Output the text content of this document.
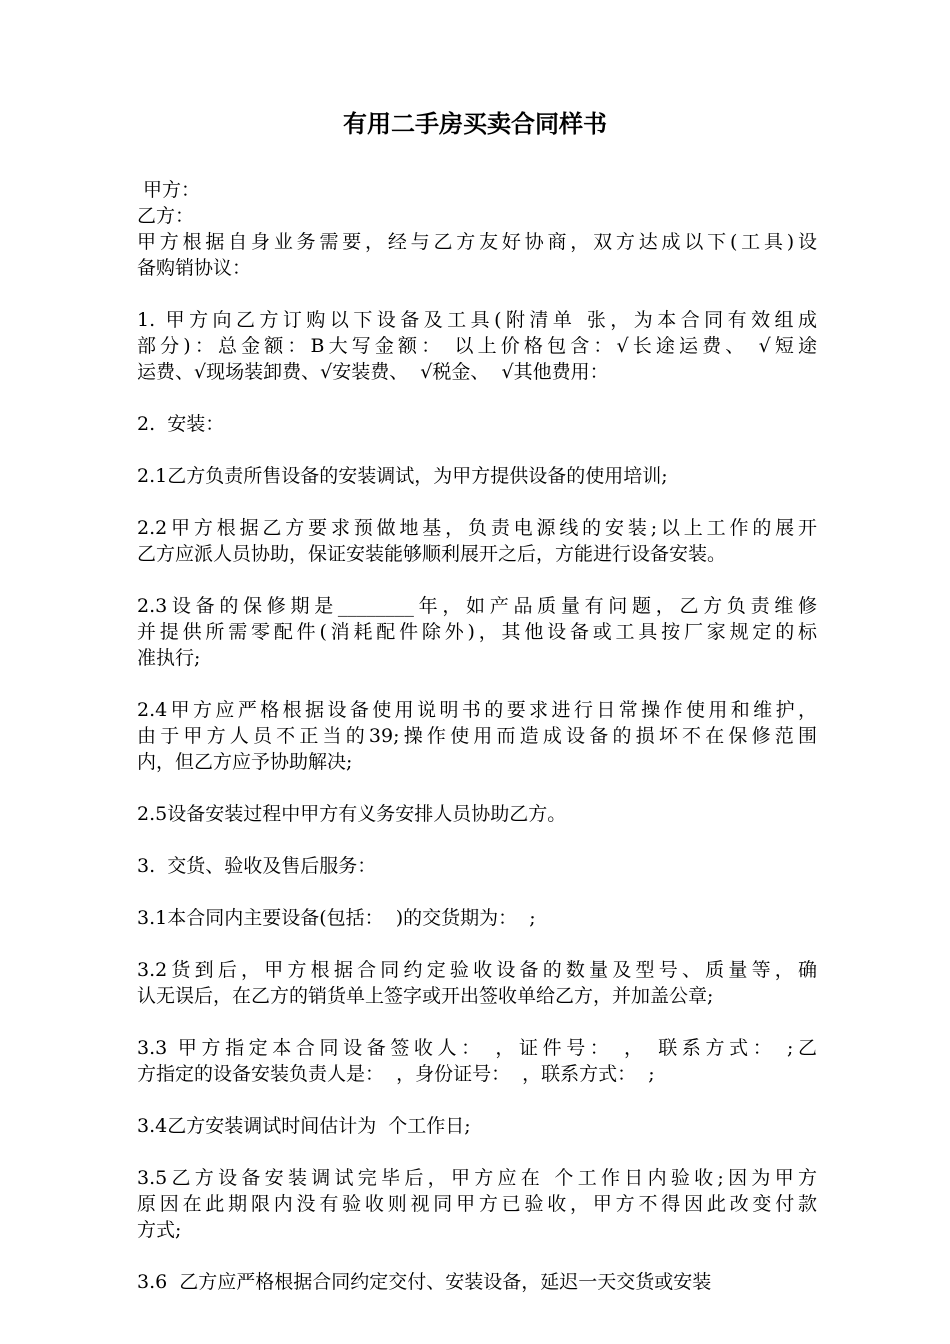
有用二手房买卖合同样书
甲方：
乙方：
甲方根据自身业务需要，经与乙方友好协商，双方达成以下(工具)设
备购销协议：
1. 甲方向乙方订购以下设备及工具(附清单 张，为本合同有效组成
部分)：总金额：B大写金额： 以上价格包含：√长途运费、 √短途
运费、√现场装卸费、√安装费、  √税金、  √其他费用：
2.  安装：
2.1乙方负责所售设备的安装调试，为甲方提供设备的使用培训;
2.2甲方根据乙方要求预做地基，负责电源线的安装;以上工作的展开
乙方应派人员协助，保证安装能够顺利展开之后，方能进行设备安装。
2.3设备的保修期是________年，如产品质量有问题，乙方负责维修
并提供所需零配件(消耗配件除外)，其他设备或工具按厂家规定的标
准执行;
2.4甲方应严格根据设备使用说明书的要求进行日常操作使用和维护，
由于甲方人员不正当的39;操作使用而造成设备的损坏不在保修范围
内，但乙方应予协助解决;
2.5设备安装过程中甲方有义务安排人员协助乙方。
3.  交货、验收及售后服务：
3.1本合同内主要设备(包括：  )的交货期为：  ;
3.2货到后，甲方根据合同约定验收设备的数量及型号、质量等，确
认无误后，在乙方的销货单上签字或开出签收单给乙方，并加盖公章;
3.3 甲方指定本合同设备签收人： ，证件号： ， 联系方式： ;乙
方指定的设备安装负责人是：  ，身份证号：  ，联系方式：  ;
3.4乙方安装调试时间估计为  个工作日;
3.5乙方设备安装调试完毕后，甲方应在 个工作日内验收;因为甲方
原因在此期限内没有验收则视同甲方已验收，甲方不得因此改变付款
方式;
3.6  乙方应严格根据合同约定交付、安装设备，延迟一天交货或安装
